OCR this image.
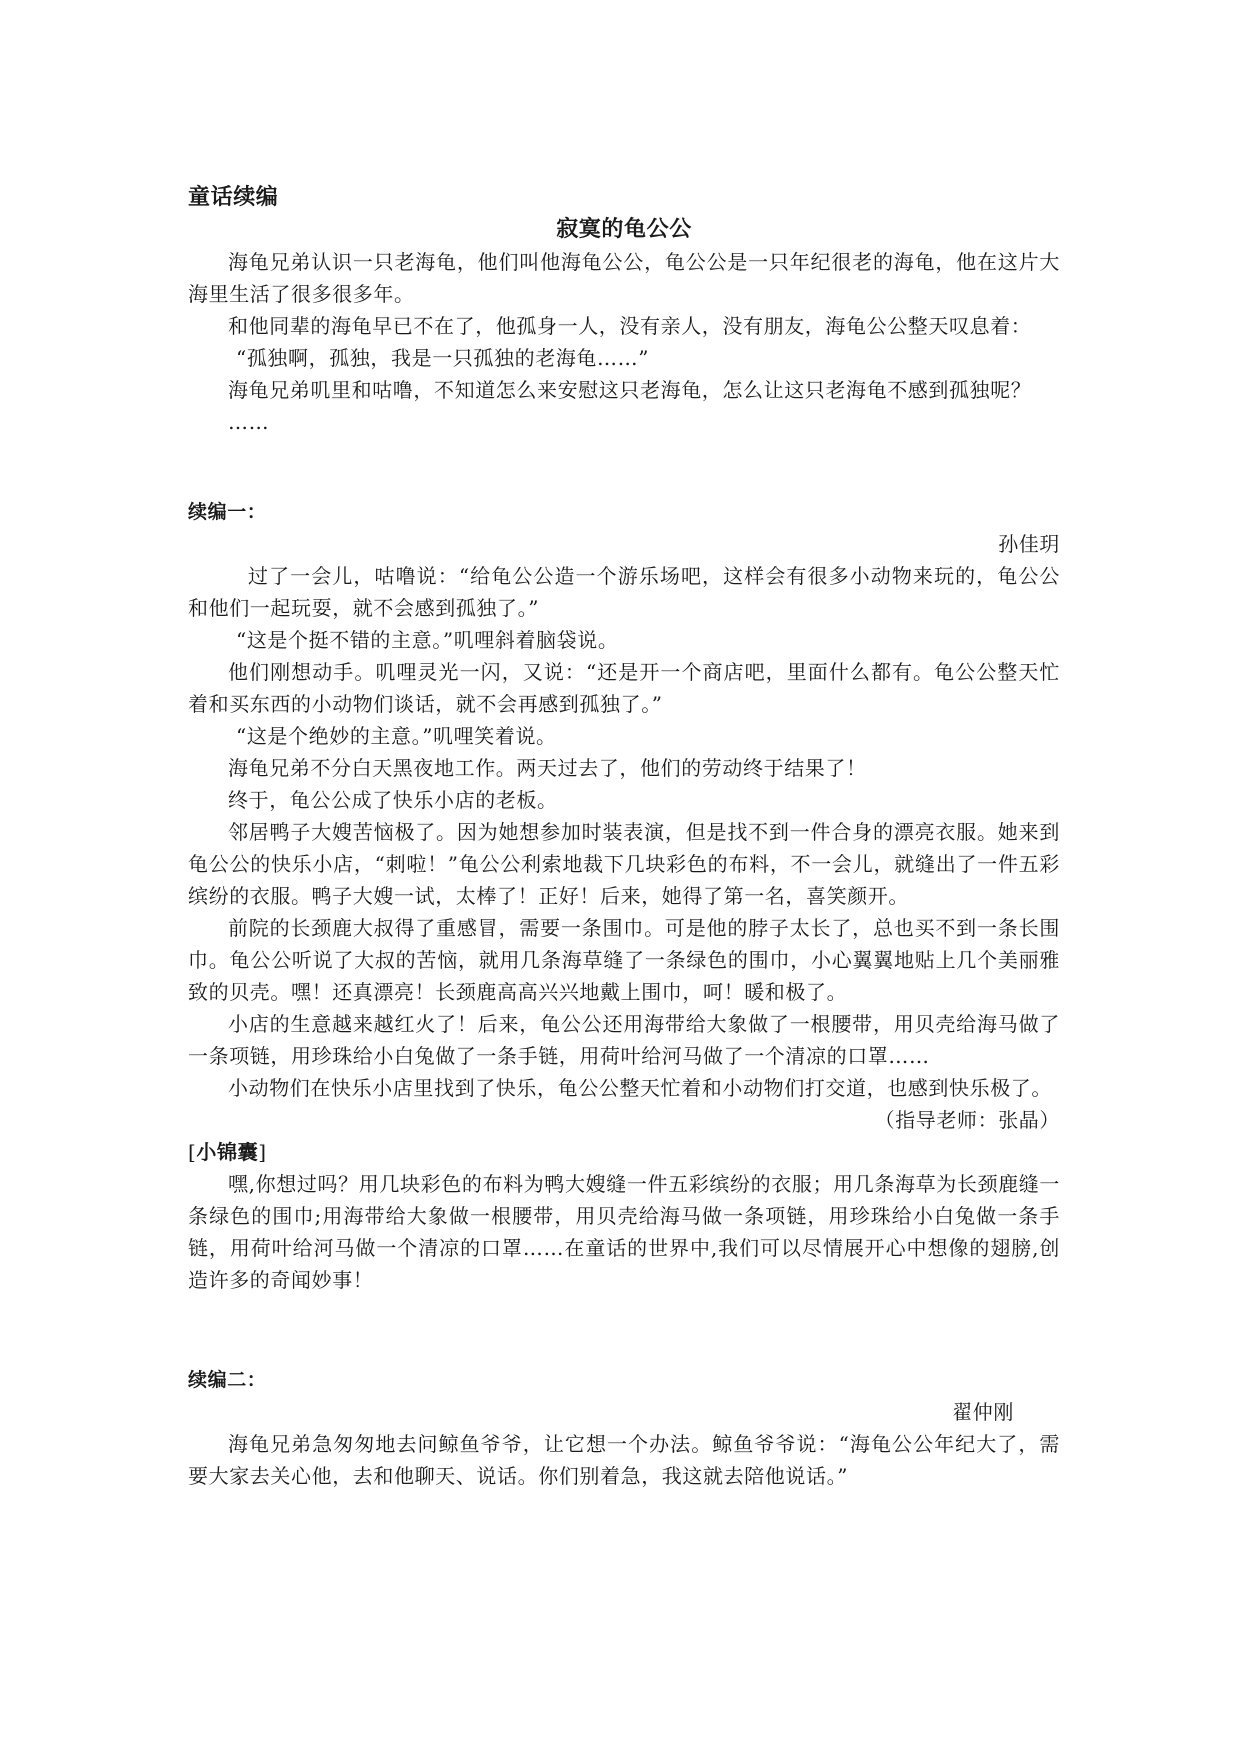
童话续编

寂寞的龟公公

海龟兄弟认识一只老海龟，他们叫他海龟公公，龟公公是一只年纪很老的海龟，他在这片大海里生活了很多很多年。

和他同辈的海龟早已不在了，他孤身一人，没有亲人，没有朋友，海龟公公整天叹息着：

“孤独啊，孤独，我是一只孤独的老海龟……”

海龟兄弟叽里和咕噜，不知道怎么来安慰这只老海龟，怎么让这只老海龟不感到孤独呢？

……

续编一：

孙佳玥

过了一会儿，咕噜说：“给龟公公造一个游乐场吧，这样会有很多小动物来玩的，龟公公和他们一起玩耍，就不会感到孤独了。”

“这是个挺不错的主意。”叽哩斜着脑袋说。

他们刚想动手。叽哩灵光一闪，又说：“还是开一个商店吧，里面什么都有。龟公公整天忙着和买东西的小动物们谈话，就不会再感到孤独了。”

“这是个绝妙的主意。”叽哩笑着说。

海龟兄弟不分白天黑夜地工作。两天过去了，他们的劳动终于结果了！

终于，龟公公成了快乐小店的老板。

邻居鸭子大嫂苦恼极了。因为她想参加时装表演，但是找不到一件合身的漂亮衣服。她来到龟公公的快乐小店，“刺啦！”龟公公利索地裁下几块彩色的布料，不一会儿，就缝出了一件五彩缤纷的衣服。鸭子大嫂一试，太棒了！正好！后来，她得了第一名，喜笑颜开。

前院的长颈鹿大叔得了重感冒，需要一条围巾。可是他的脖子太长了，总也买不到一条长围巾。龟公公听说了大叔的苦恼，就用几条海草缝了一条绿色的围巾，小心翼翼地贴上几个美丽雅致的贝壳。嘿！还真漂亮！长颈鹿高高兴兴地戴上围巾，呵！暖和极了。

小店的生意越来越红火了！后来，龟公公还用海带给大象做了一根腰带，用贝壳给海马做了一条项链，用珍珠给小白兔做了一条手链，用荷叶给河马做了一个清凉的口罩……

小动物们在快乐小店里找到了快乐，龟公公整天忙着和小动物们打交道，也感到快乐极了。

（指导老师：张晶）

[小锦囊]

嘿,你想过吗？用几块彩色的布料为鸭大嫂缝一件五彩缤纷的衣服；用几条海草为长颈鹿缝一条绿色的围巾;用海带给大象做一根腰带，用贝壳给海马做一条项链，用珍珠给小白兔做一条手链，用荷叶给河马做一个清凉的口罩……在童话的世界中,我们可以尽情展开心中想像的翅膀,创造许多的奇闻妙事！

续编二：

翟仲刚

海龟兄弟急匆匆地去问鲸鱼爷爷，让它想一个办法。鲸鱼爷爷说：“海龟公公年纪大了，需要大家去关心他，去和他聊天、说话。你们别着急，我这就去陪他说话。”
